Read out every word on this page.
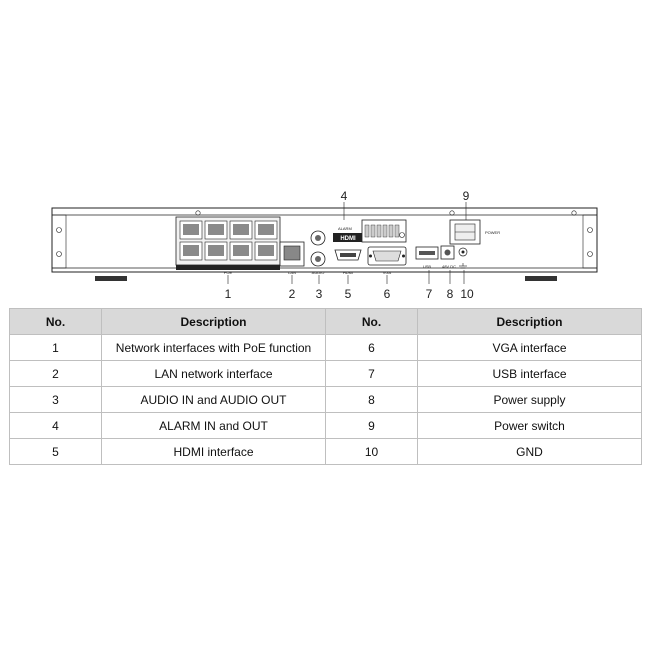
POE	LAN	AUDIO
ALARM
HDMI
HDMI	VGA
USB	48V DC
POWER
1	2 3
4
5	6	7 8
9
10
No.	Description	No.	Description
1	Network interfaces with PoE function	6	VGA interface
2	LAN network interface	7	USB interface
3	AUDIO IN and AUDIO OUT	8	Power supply
4	ALARM IN and OUT	9	Power switch
5	HDMI interface	10	GND
